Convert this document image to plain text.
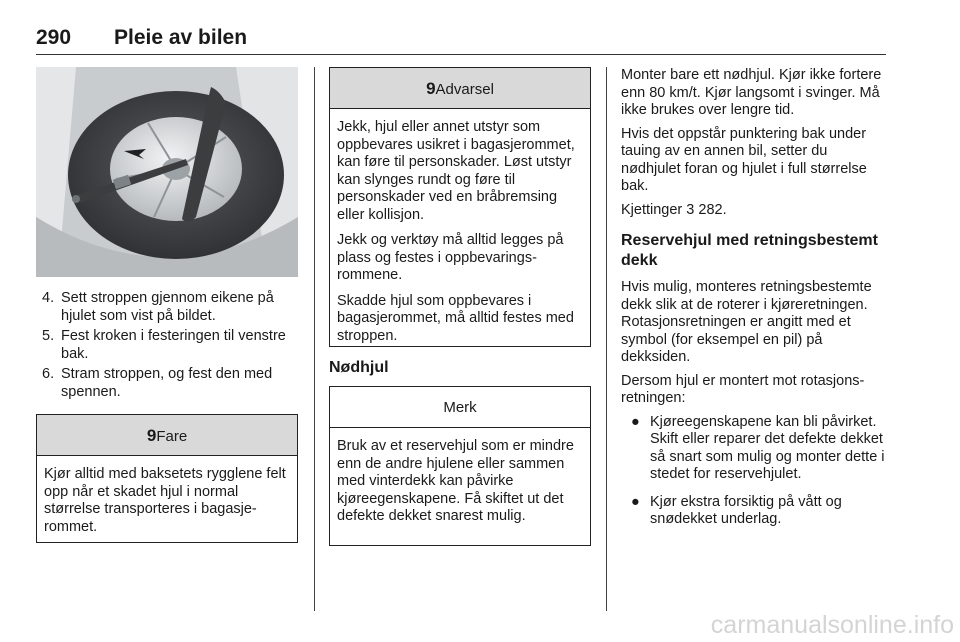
290 Pleie av bilen
4. Sett stroppen gjennom eikene på hjulet som vist på bildet.
5. Fest kroken i festeringen til venstre bak.
6. Stram stroppen, og fest den med spennen.
9Fare

Kjør alltid med baksetets rygglene felt opp når et skadet hjul i normal størrelse transporteres i bagasjerommet.

9Advarsel

Jekk, hjul eller annet utstyr som oppbevares usikret i bagasjerommet, kan føre til personskader. Løst utstyr kan slynges rundt og føre til personskader ved en bråbremsing eller kollisjon.

Jekk og verktøy må alltid legges på plass og festes i oppbevaringsrommene.

Skadde hjul som oppbevares i bagasjerommet, må alltid festes med stroppen.

Nødhjul
Merk

Bruk av et reservehjul som er mindre enn de andre hjulene eller sammen med vinterdekk kan påvirke kjøreegenskapene. Få skiftet ut det defekte dekket snarest mulig.

Monter bare ett nødhjul. Kjør ikke fortere enn 80 km/t. Kjør langsomt i svinger. Må ikke brukes over lengre tid.

Hvis det oppstår punktering bak under tauing av en annen bil, setter du nødhjulet foran og hjulet i full størrelse bak.

Kjettinger 3 282.

Reservehjul med retningsbestemt dekk

Hvis mulig, monteres retningsbestemte dekk slik at de roterer i kjøreretningen. Rotasjonsretningen er angitt med et symbol (for eksempel en pil) på dekksiden.

Dersom hjul er montert mot rotasjonsretningen:

● Kjøreegenskapene kan bli påvirket. Skift eller reparer det defekte dekket så snart som mulig og monter dette i stedet for reservehjulet.
● Kjør ekstra forsiktig på vått og snødekket underlag.
carmanualsonline.info
